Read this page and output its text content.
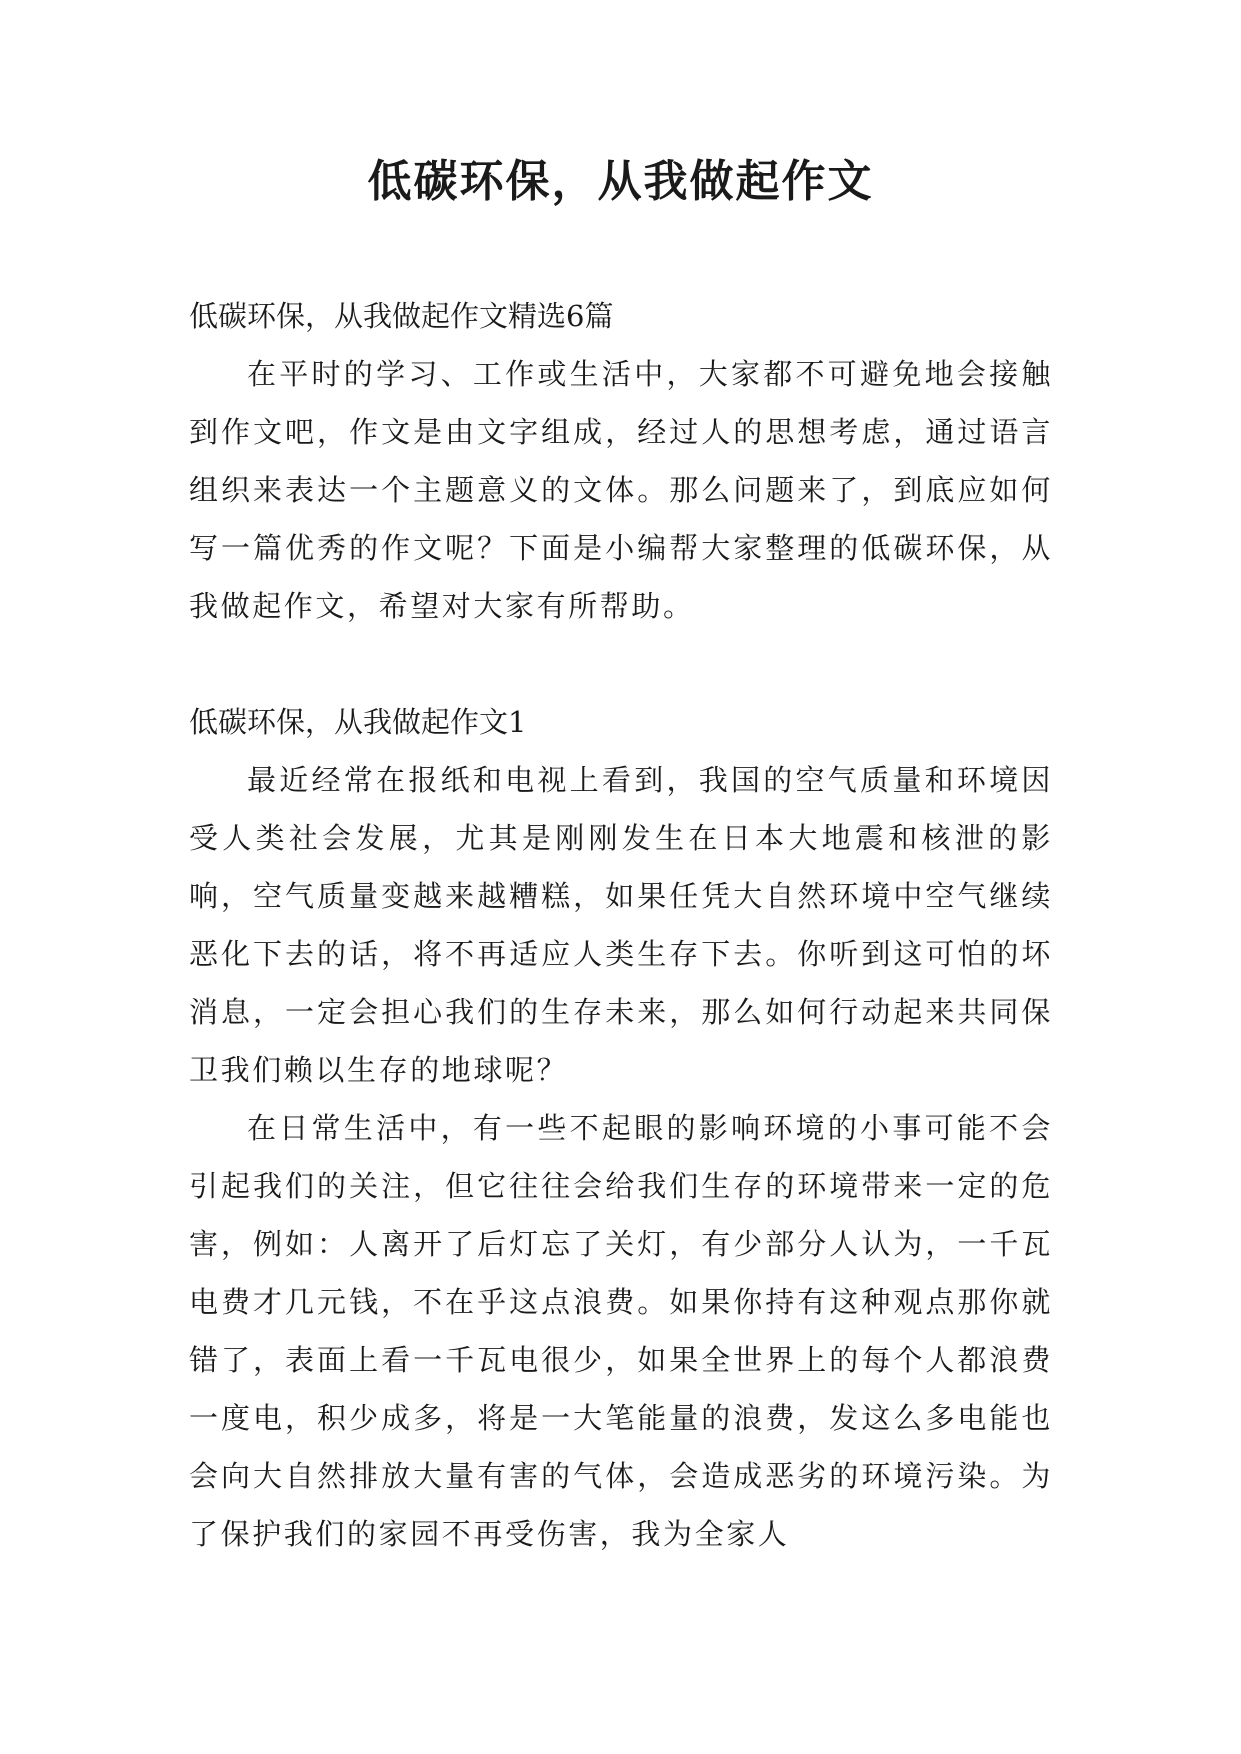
低碳环保，从我做起作文

低碳环保，从我做起作文精选6篇

在平时的学习、工作或生活中，大家都不可避免地会接触到作文吧，作文是由文字组成，经过人的思想考虑，通过语言组织来表达一个主题意义的文体。那么问题来了，到底应如何写一篇优秀的作文呢？下面是小编帮大家整理的低碳环保，从我做起作文，希望对大家有所帮助。

低碳环保，从我做起作文1

最近经常在报纸和电视上看到，我国的空气质量和环境因受人类社会发展，尤其是刚刚发生在日本大地震和核泄的影响，空气质量变越来越糟糕，如果任凭大自然环境中空气继续恶化下去的话，将不再适应人类生存下去。你听到这可怕的坏消息，一定会担心我们的生存未来，那么如何行动起来共同保卫我们赖以生存的地球呢？

在日常生活中，有一些不起眼的影响环境的小事可能不会引起我们的关注，但它往往会给我们生存的环境带来一定的危害，例如：人离开了后灯忘了关灯，有少部分人认为，一千瓦电费才几元钱，不在乎这点浪费。如果你持有这种观点那你就错了，表面上看一千瓦电很少，如果全世界上的每个人都浪费一度电，积少成多，将是一大笔能量的浪费，发这么多电能也会向大自然排放大量有害的气体，会造成恶劣的环境污染。为了保护我们的家园不再受伤害，我为全家人
